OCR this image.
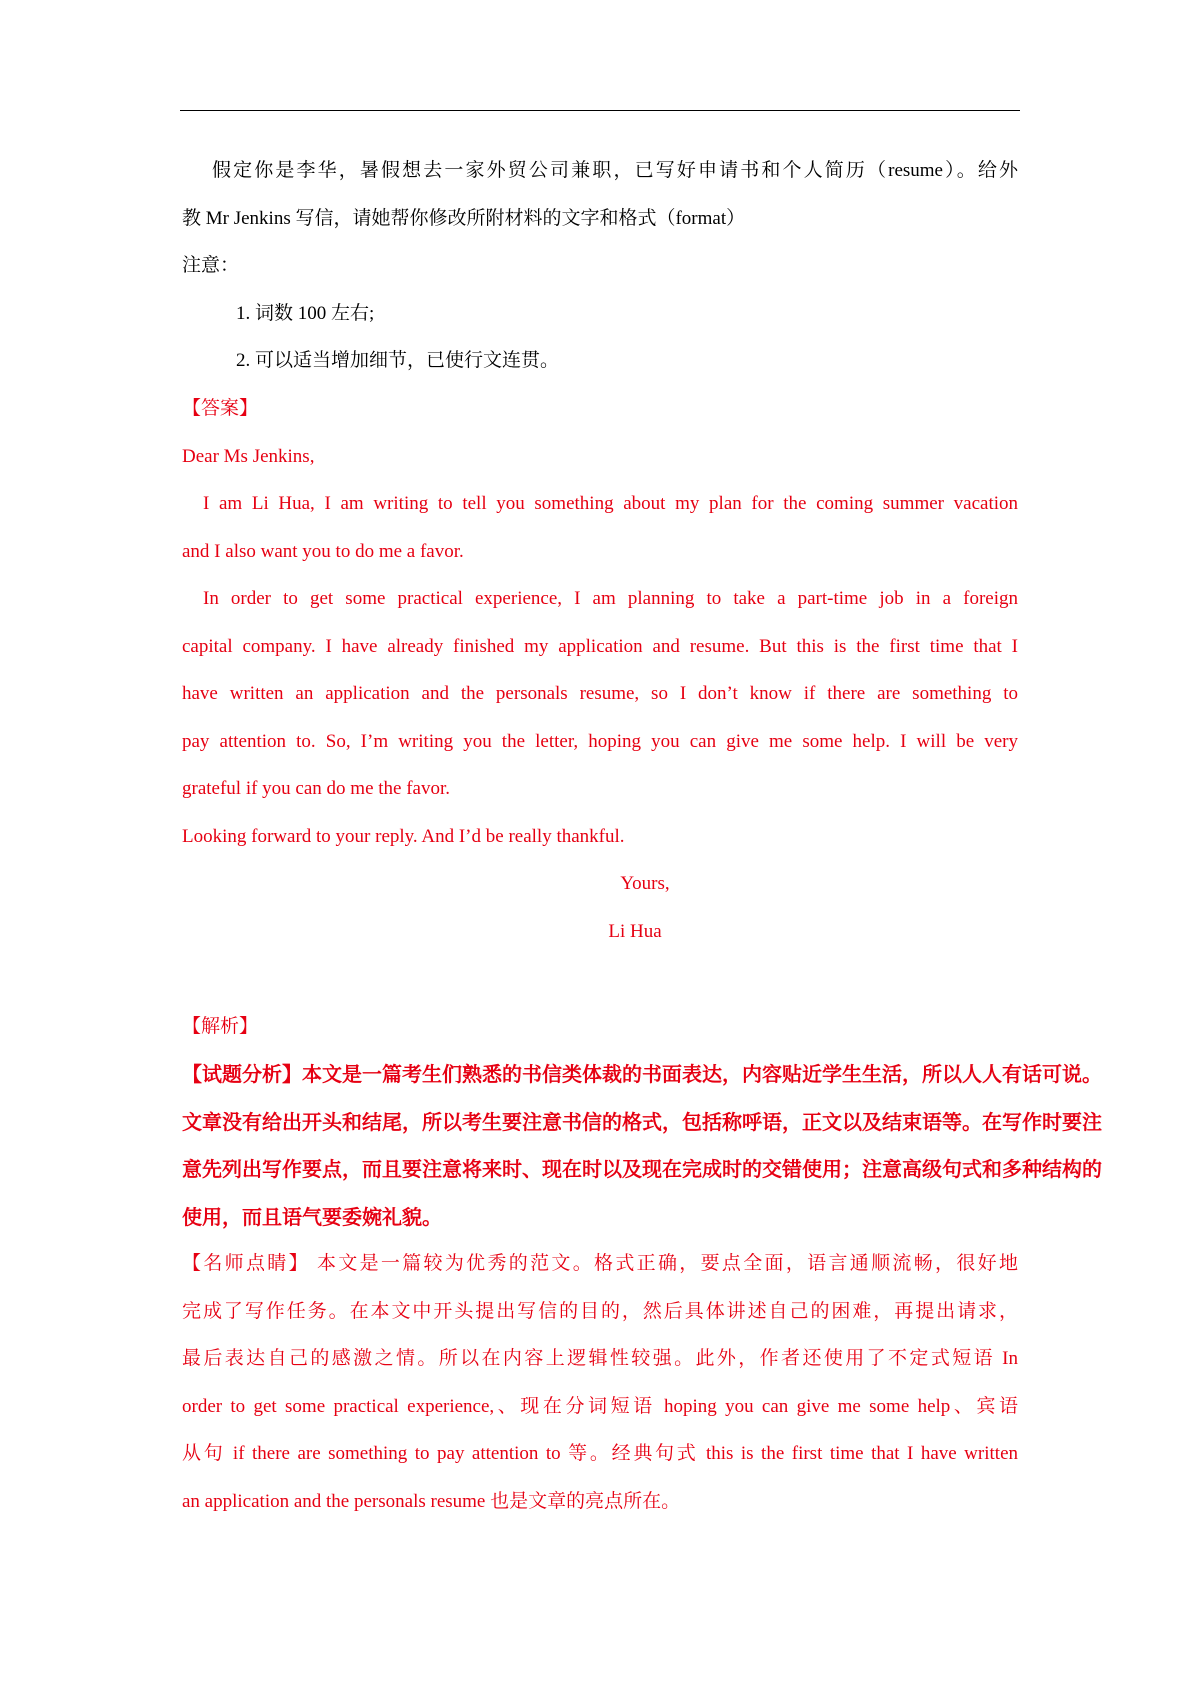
假定你是李华，暑假想去一家外贸公司兼职，已写好申请书和个人简历（resume）。给外
教 Mr Jenkins 写信，请她帮你修改所附材料的文字和格式（format）
注意：
1. 词数 100 左右;
2. 可以适当增加细节，已使行文连贯。
【答案】
Dear Ms Jenkins,
I am Li Hua, I am writing to tell you something about my plan for the coming summer vacation
and I also want you to do me a favor.
In order to get some practical experience, I am planning to take a part-time job in a foreign
capital company. I have already finished my application and resume. But this is the first time that I
have written an application and the personals resume, so I don’t know if there are something to
pay attention to. So, I’m writing you the letter, hoping you can give me some help. I will be very
grateful if you can do me the favor.
Looking forward to your reply. And I’d be really thankful.
Yours,
Li Hua
【解析】
【试题分析】本文是一篇考生们熟悉的书信类体裁的书面表达，内容贴近学生生活，所以人人有话可说。
文章没有给出开头和结尾，所以考生要注意书信的格式，包括称呼语，正文以及结束语等。在写作时要注
意先列出写作要点，而且要注意将来时、现在时以及现在完成时的交错使用；注意高级句式和多种结构的
使用，而且语气要委婉礼貌。
【名师点睛】 本文是一篇较为优秀的范文。格式正确，要点全面，语言通顺流畅，很好地
完成了写作任务。在本文中开头提出写信的目的，然后具体讲述自己的困难，再提出请求，
最后表达自己的感激之情。所以在内容上逻辑性较强。此外，作者还使用了不定式短语 In
order to get some practical experience,、现在分词短语 hoping you can give me some help、宾语
从句 if there are something to pay attention to 等。经典句式 this is the first time that I have written
an application and the personals resume 也是文章的亮点所在。
